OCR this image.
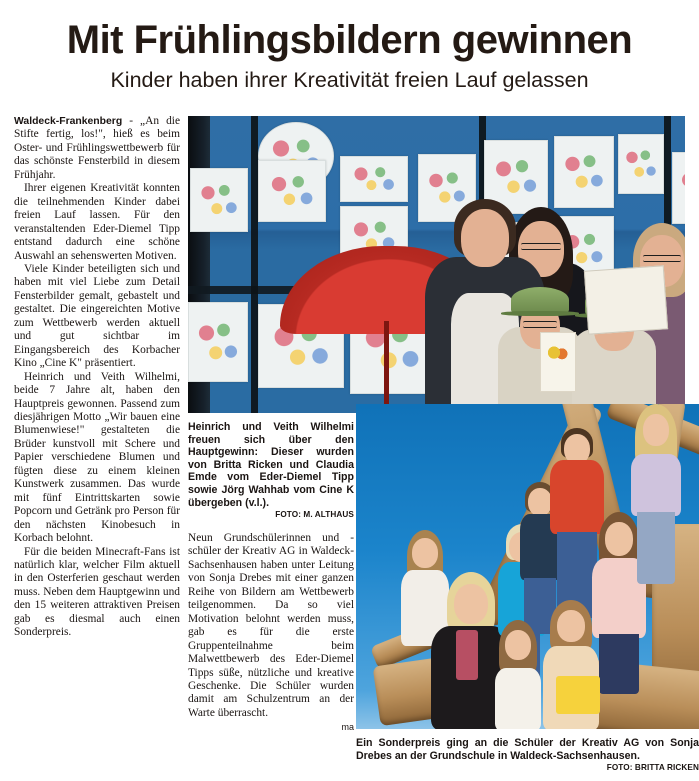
Mit Frühlingsbildern gewinnen
Kinder haben ihrer Kreativität freien Lauf gelassen

Waldeck-Frankenberg - „An die Stifte fertig, los!", hieß es beim Oster- und Frühlingswettbewerb für das schönste Fensterbild in diesem Frühjahr.

Ihrer eigenen Kreativität konnten die teilnehmenden Kinder dabei freien Lauf lassen. Für den veranstaltenden Eder-Diemel Tipp entstand dadurch eine schöne Auswahl an sehenswerten Motiven.

Viele Kinder beteiligten sich und haben mit viel Liebe zum Detail Fensterbilder gemalt, gebastelt und gestaltet. Die eingereichten Motive zum Wettbewerb werden aktuell und gut sichtbar im Eingangsbereich des Korbacher Kino „Cine K" präsentiert.

Heinrich und Veith Wilhelmi, beide 7 Jahre alt, haben den Hauptpreis gewonnen. Passend zum diesjährigen Motto „Wir bauen eine Blumenwiese!" gestalteten die Brüder kunstvoll mit Schere und Papier verschiedene Blumen und fügten diese zu einem kleinen Kunstwerk zusammen. Das wurde mit fünf Eintrittskarten sowie Popcorn und Getränk pro Person für den nächsten Kinobesuch in Korbach belohnt.

Für die beiden Minecraft-Fans ist natürlich klar, welcher Film aktuell in den Osterferien geschaut werden muss. Neben dem Hauptgewinn und den 15 weiteren attraktiven Preisen gab es diesmal auch einen Sonderpreis.

Heinrich und Veith Wilhelmi freuen sich über den Hauptgewinn: Dieser wurden von Britta Ricken und Claudia Emde vom Eder-Diemel Tipp sowie Jörg Wahhab vom Cine K übergeben (v.l.).
FOTO: M. ALTHAUS

Neun Grundschülerinnen und -schüler der Kreativ AG in Waldeck-Sachsenhausen haben unter Leitung von Sonja Drebes mit einer ganzen Reihe von Bildern am Wettbewerb teilgenommen. Da so viel Motivation belohnt werden muss, gab es für die erste Gruppenteilnahme beim Malwettbewerb des Eder-Diemel Tipps süße, nützliche und kreative Geschenke. Die Schüler wurden damit am Schulzentrum an der Warte überrascht.

ma
Ein Sonderpreis ging an die Schüler der Kreativ AG von Sonja Drebes an der Grundschule in Waldeck-Sachsenhausen.
FOTO: BRITTA RICKEN
